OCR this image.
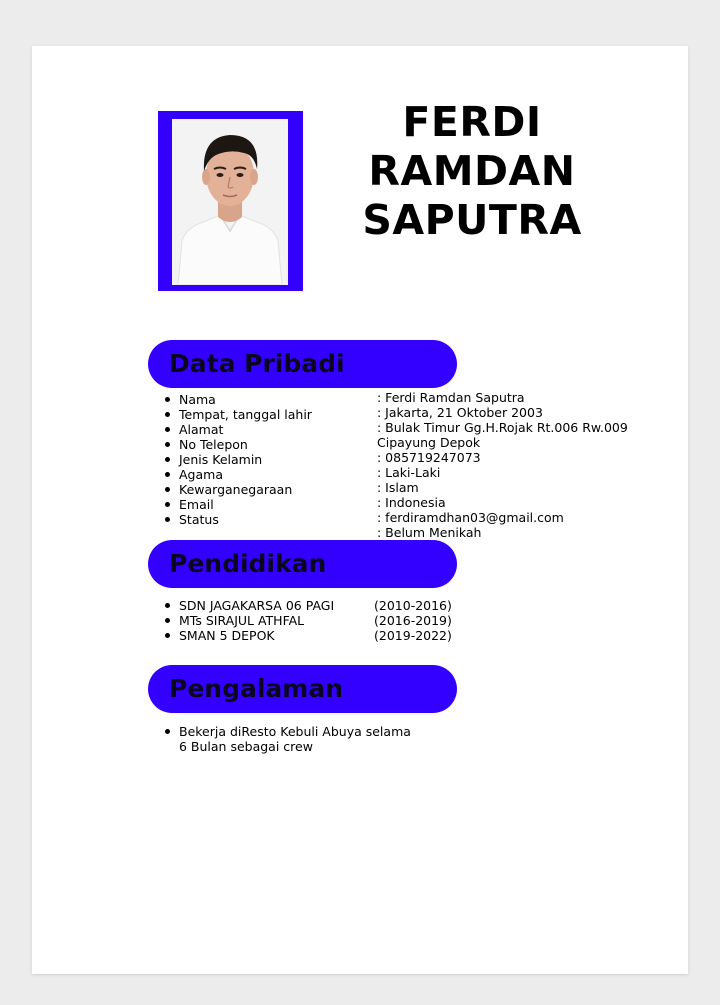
FERDI
RAMDAN
SAPUTRA
Data Pribadi
Nama
Tempat, tanggal lahir
Alamat
No Telepon
Jenis Kelamin
Agama
Kewarganegaraan
Email
Status
: Ferdi Ramdan Saputra
: Jakarta, 21 Oktober 2003
: Bulak Timur Gg.H.Rojak Rt.006 Rw.009
Cipayung Depok
: 085719247073
: Laki-Laki
: Islam
: Indonesia
: ferdiramdhan03@gmail.com
: Belum Menikah
Pendidikan
SDN JAGAKARSA 06 PAGI
MTs SIRAJUL ATHFAL
SMAN 5 DEPOK
(2010-2016)
(2016-2019)
(2019-2022)
Pengalaman
Bekerja diResto Kebuli Abuya selama 6 Bulan sebagai crew
